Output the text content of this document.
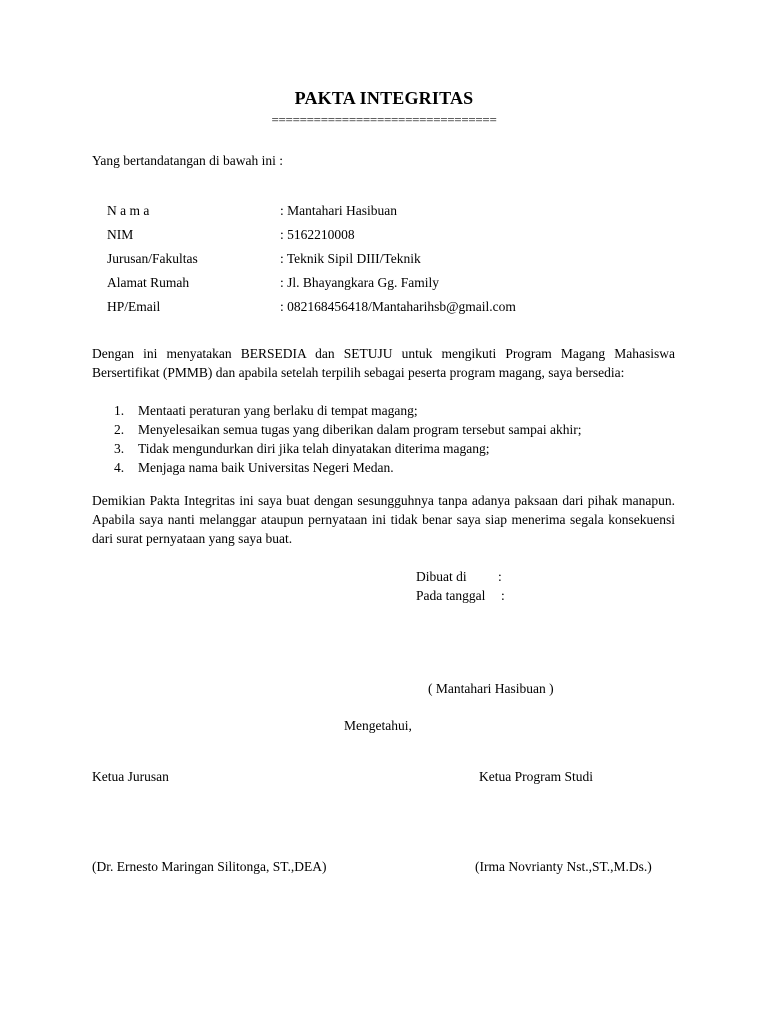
PAKTA INTEGRITAS
================================
Yang bertandatangan di bawah ini :
N a m a	: Mantahari Hasibuan
NIM	: 5162210008
Jurusan/Fakultas	: Teknik Sipil DIII/Teknik
Alamat Rumah	: Jl. Bhayangkara Gg. Family
HP/Email	: 082168456418/Mantaharihsb@gmail.com
Dengan ini menyatakan BERSEDIA dan SETUJU untuk mengikuti Program Magang Mahasiswa Bersertifikat (PMMB) dan apabila setelah terpilih sebagai peserta program magang, saya bersedia:
1. Mentaati peraturan yang berlaku di tempat magang;
2. Menyelesaikan semua tugas yang diberikan dalam program tersebut sampai akhir;
3. Tidak mengundurkan diri jika telah dinyatakan diterima magang;
4. Menjaga nama baik Universitas Negeri Medan.
Demikian Pakta Integritas ini saya buat dengan sesungguhnya tanpa adanya paksaan dari pihak manapun. Apabila saya nanti melanggar ataupun pernyataan ini tidak benar saya siap menerima segala konsekuensi dari surat pernyataan yang saya buat.
Dibuat di :
Pada tanggal :
( Mantahari Hasibuan )
Mengetahui,
Ketua Jurusan	Ketua Program Studi
(Dr. Ernesto Maringan Silitonga, ST.,DEA)	(Irma Novrianty Nst.,ST.,M.Ds.)
